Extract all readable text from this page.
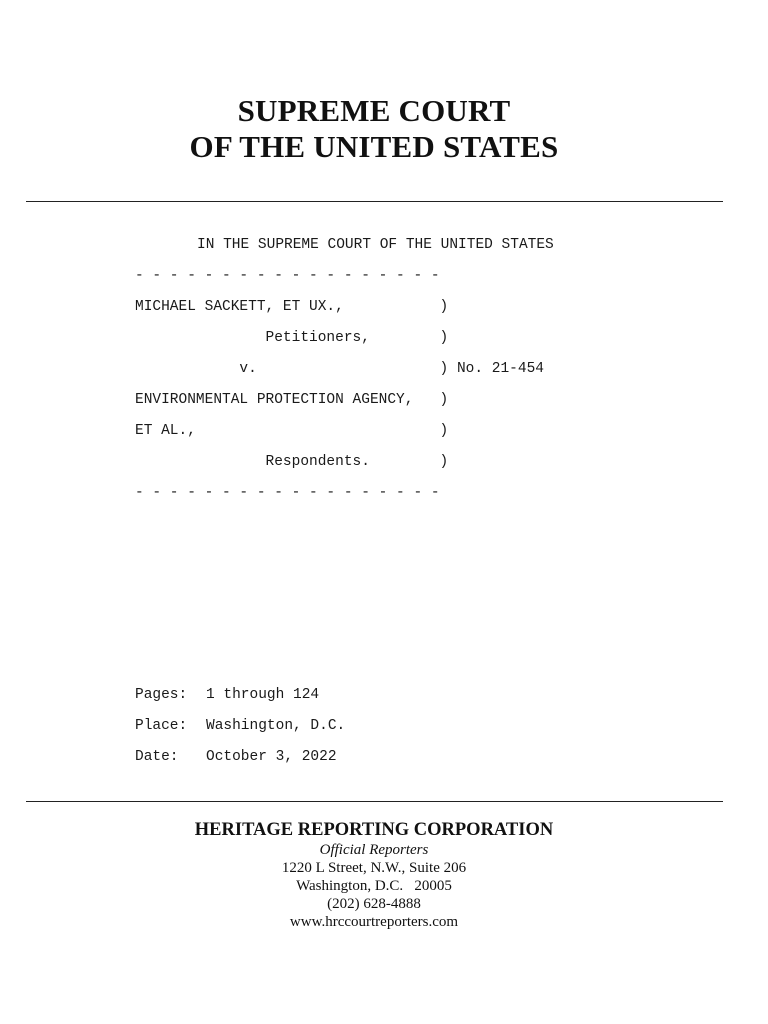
SUPREME COURT
OF THE UNITED STATES
IN THE SUPREME COURT OF THE UNITED STATES
- - - - - - - - - - - - - - - - - -
MICHAEL SACKETT, ET UX.,           )
Petitioners,        )
v.                     ) No. 21-454
ENVIRONMENTAL PROTECTION AGENCY,   )
ET AL.,                            )
Respondents.        )
- - - - - - - - - - - - - - - - - -
Pages: 1 through 124
Place: Washington, D.C.
Date: October 3, 2022
HERITAGE REPORTING CORPORATION
Official Reporters
1220 L Street, N.W., Suite 206
Washington, D.C.   20005
(202) 628-4888
www.hrccourtreporters.com
